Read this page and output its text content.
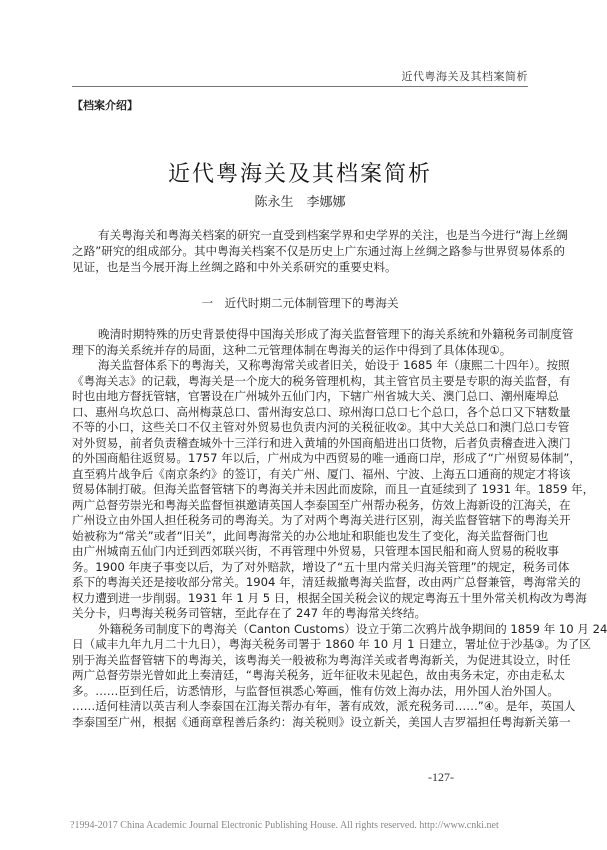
近代粤海关及其档案简析
【档案介绍】
近代粤海关及其档案简析
陈永生　李娜娜
有关粤海关和粤海关档案的研究一直受到档案学界和史学界的关注，也是当今进行“海上丝绸
之路”研究的组成部分。其中粤海关档案不仅是历史上广东通过海上丝绸之路参与世界贸易体系的
见证，也是当今展开海上丝绸之路和中外关系研究的重要史料。
一　近代时期二元体制管理下的粤海关
晚清时期特殊的历史背景使得中国海关形成了海关监督管理下的海关系统和外籍税务司制度管
理下的海关系统并存的局面，这种二元管理体制在粤海关的运作中得到了具体体现①。
海关监督体系下的粤海关，又称粤海常关或者旧关，始设于 1685 年（康熙二十四年）。按照
《粤海关志》的记载，粤海关是一个庞大的税务管理机构，其主管官员主要是专职的海关监督，有
时也由地方督抚管辖，官署设在广州城外五仙门内，下辖广州省城大关、澳门总口、潮州庵埠总
口、惠州乌坎总口、高州梅菉总口、雷州海安总口、琼州海口总口七个总口，各个总口又下辖数量
不等的小口，这些关口不仅主管对外贸易也负责内河的关税征收②。其中大关总口和澳门总口专管
对外贸易，前者负责稽查城外十三洋行和进入黄埔的外国商船进出口货物，后者负责稽查进入澳门
的外国商船往返贸易。1757 年以后，广州成为中西贸易的唯一通商口岸，形成了“广州贸易体制”，
直至鸦片战争后《南京条约》的签订，有关广州、厦门、福州、宁波、上海五口通商的规定才将该
贸易体制打破。但海关监督管辖下的粤海关并未因此而废除，而且一直延续到了 1931 年。1859 年，
两广总督劳崇光和粤海关监督恒祺邀请英国人李泰国至广州帮办税务，仿效上海新设的江海关，在
广州设立由外国人担任税务司的粤海关。为了对两个粤海关进行区别，海关监督管辖下的粤海关开
始被称为“常关”或者“旧关”，此间粤海常关的办公地址和职能也发生了变化，海关监督衙门也
由广州城南五仙门内迁到西郊联兴街，不再管理中外贸易，只管理本国民船和商人贸易的税收事
务。1900 年庚子事变以后，为了对外赔款，增设了“五十里内常关归海关管理”的规定，税务司体
系下的粤海关还是接收部分常关。1904 年，清廷裁撤粤海关监督，改由两广总督兼管，粤海常关的
权力遭到进一步削弱。1931 年 1 月 5 日，根据全国关税会议的规定粤海五十里外常关机构改为粤海
关分卡，归粤海关税务司管辖，至此存在了 247 年的粤海常关终结。
外籍税务司制度下的粤海关（Canton Customs）设立于第二次鸦片战争期间的 1859 年 10 月 24
日（咸丰九年九月二十九日），粤海关税务司署于 1860 年 10 月 1 日建立，署址位于沙基③。为了区
别于海关监督管辖下的粤海关，该粤海关一般被称为粤海洋关或者粤海新关，为促进其设立，时任
两广总督劳崇光曾如此上奏清廷，“粤海关税务，近年征收未见起色，故由夷务未定，亦由走私太
多。……臣到任后，访悉情形，与监督恒祺悉心筹画，惟有仿效上海办法，用外国人治外国人。
……适何桂清以英吉利人李泰国在江海关帮办有年，著有成效，派充税务司……”④。是年，英国人
李泰国至广州，根据《通商章程善后条约：海关税则》设立新关，美国人吉罗福担任粤海新关第一
-127-
?1994-2017 China Academic Journal Electronic Publishing House. All rights reserved. http://www.cnki.net
